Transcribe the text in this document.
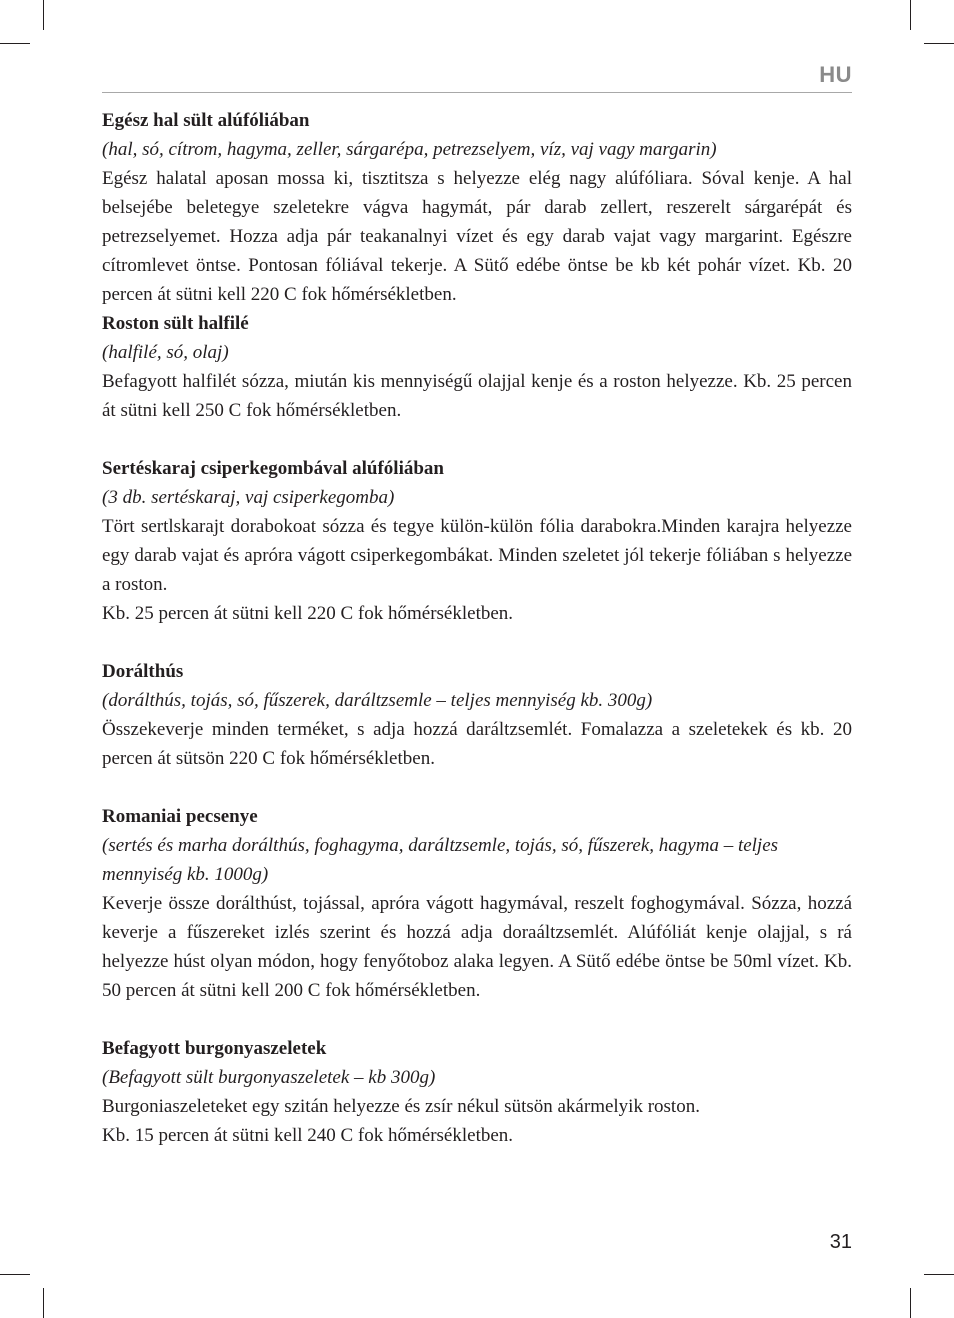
HU
Egész hal sült alúfóliában

(hal, só, cítrom, hagyma, zeller, sárgarépa, petrezselyem, víz, vaj vagy margarin)

Egész halatal aposan mossa ki, tisztitsza s helyezze elég nagy alúfóliara. Sóval kenje. A hal belsejébe beletegye szeletekre vágva hagymát, pár darab zellert, reszerelt sárgarépát és petrezselyemet. Hozza adja pár teakanalnyi vízet és egy darab vajat vagy margarint. Egészre cítromlevet öntse. Pontosan fóliával tekerje. A Sütő edébe öntse be kb két pohár vízet. Kb. 20 percen át sütni kell 220 C fok hőmérsékletben.

Roston sült halfilé

(halfilé, só, olaj)

Befagyott halfilét sózza, miután kis mennyiségű olajjal kenje és a roston helyezze. Kb. 25 percen át sütni kell 250 C fok hőmérsékletben.

Sertéskaraj csiperkegombával alúfóliában

(3 db. sertéskaraj, vaj csiperkegomba)

Tört sertlskarajt dorabokoat sózza és tegye külön-külön fólia darabokra.Minden karajra helyezze egy darab vajat és apróra vágott csiperkegombákat. Minden szeletet jól tekerje fóliában s helyezze a roston.

Kb. 25 percen át sütni kell 220 C fok hőmérsékletben.

Dorálthús

(dorálthús, tojás, só, fűszerek, daráltzsemle – teljes mennyiség kb. 300g)

Összekeverje minden terméket, s adja hozzá daráltzsemlét. Fomalazza a szeletekek és kb. 20 percen át sütsön 220 C fok hőmérsékletben.

Romaniai pecsenye

(sertés és marha dorálthús, foghagyma, daráltzsemle, tojás, só, fűszerek, hagyma – teljes mennyiség kb. 1000g)

Keverje össze dorálthúst, tojással, apróra vágott hagymával, reszelt foghogymával. Sózza, hozzá keverje a fűszereket izlés szerint és hozzá adja doraáltzsemlét. Alúfóliát kenje olajjal, s rá helyezze húst olyan módon, hogy fenyőtoboz alaka legyen. A Sütő edébe öntse be 50ml vízet. Kb. 50 percen át sütni kell 200 C fok hőmérsékletben.

Befagyott burgonyaszeletek

(Befagyott sült burgonyaszeletek – kb 300g)

Burgoniaszeleteket egy szitán helyezze és zsír nékul sütsön akármelyik roston.

Kb. 15 percen át sütni kell 240 C fok hőmérsékletben.

31
